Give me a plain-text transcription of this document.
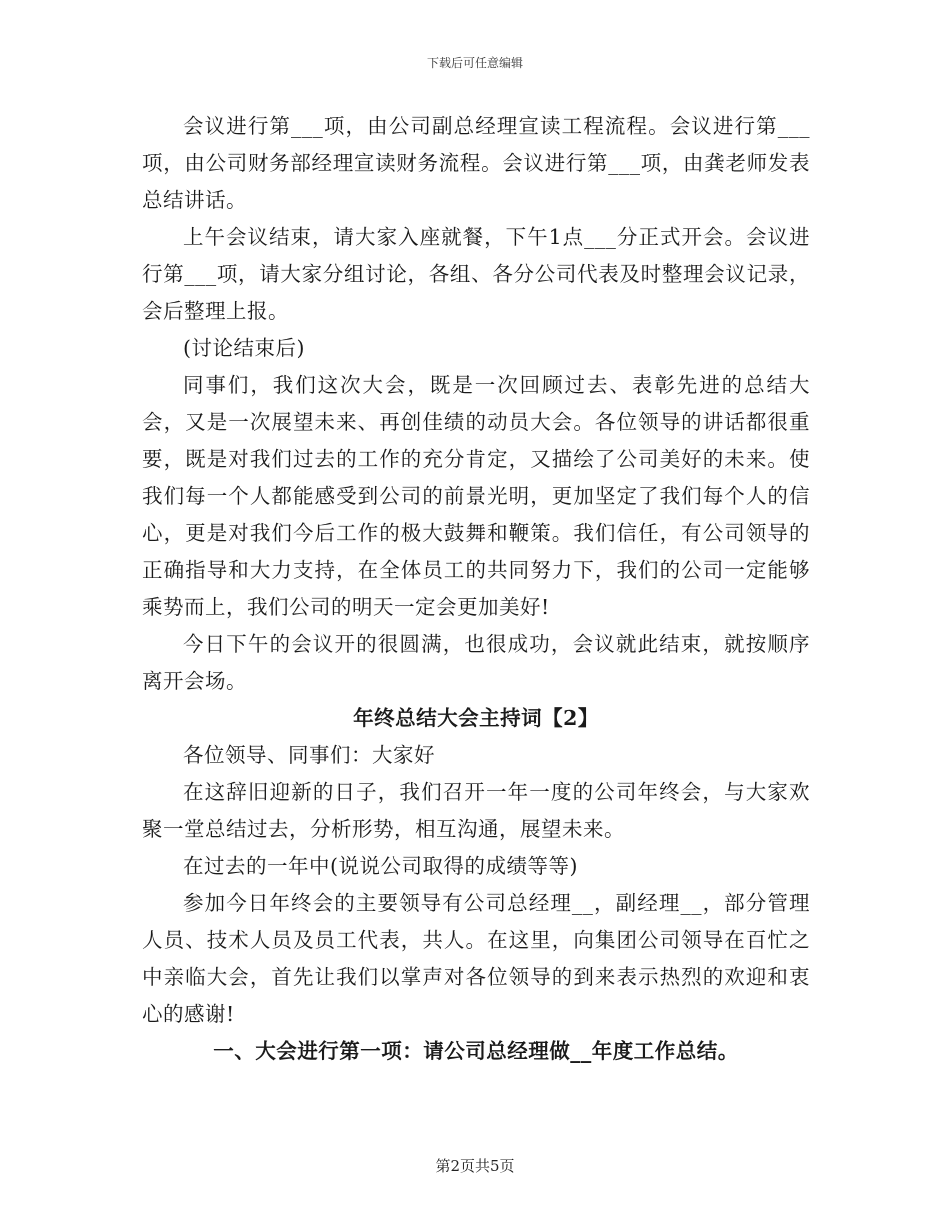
下载后可任意编辑

会议进行第___项，由公司副总经理宣读工程流程。会议进行第___项，由公司财务部经理宣读财务流程。会议进行第___项，由龚老师发表总结讲话。

上午会议结束，请大家入座就餐，下午1点___分正式开会。会议进行第___项，请大家分组讨论，各组、各分公司代表及时整理会议记录，会后整理上报。

(讨论结束后)

同事们，我们这次大会，既是一次回顾过去、表彰先进的总结大会，又是一次展望未来、再创佳绩的动员大会。各位领导的讲话都很重要，既是对我们过去的工作的充分肯定，又描绘了公司美好的未来。使我们每一个人都能感受到公司的前景光明，更加坚定了我们每个人的信心，更是对我们今后工作的极大鼓舞和鞭策。我们信任，有公司领导的正确指导和大力支持，在全体员工的共同努力下，我们的公司一定能够乘势而上，我们公司的明天一定会更加美好!

今日下午的会议开的很圆满，也很成功，会议就此结束，就按顺序离开会场。

年终总结大会主持词【2】

各位领导、同事们：大家好

在这辞旧迎新的日子，我们召开一年一度的公司年终会，与大家欢聚一堂总结过去，分析形势，相互沟通，展望未来。

在过去的一年中(说说公司取得的成绩等等)

参加今日年终会的主要领导有公司总经理__，副经理__，部分管理人员、技术人员及员工代表，共人。在这里，向集团公司领导在百忙之中亲临大会，首先让我们以掌声对各位领导的到来表示热烈的欢迎和衷心的感谢!

一、大会进行第一项：请公司总经理做__年度工作总结。

第2页共5页
